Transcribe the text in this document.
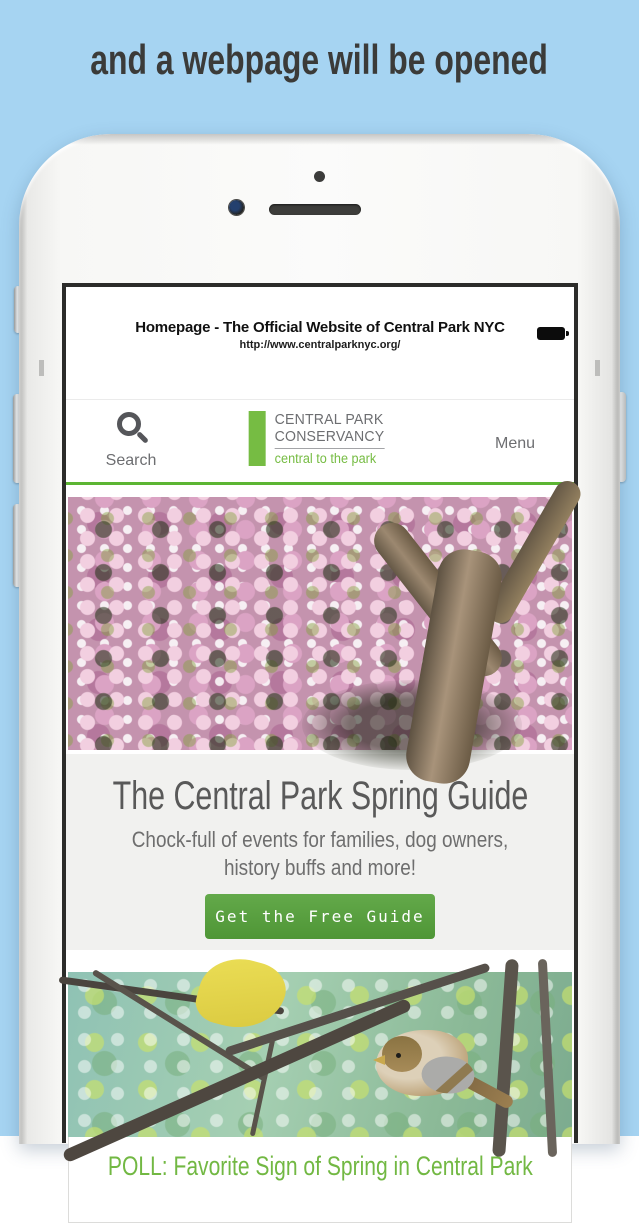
and a webpage will be opened
Homepage - The Official Website of Central Park NYC
http://www.centralparknyc.org/
Search
CENTRAL PARK
CONSERVANCY
central to the park
Menu
The Central Park Spring Guide

Chock-full of events for families, dog owners, history buffs and more!

Get the Free Guide
POLL: Favorite Sign of Spring in Central Park
